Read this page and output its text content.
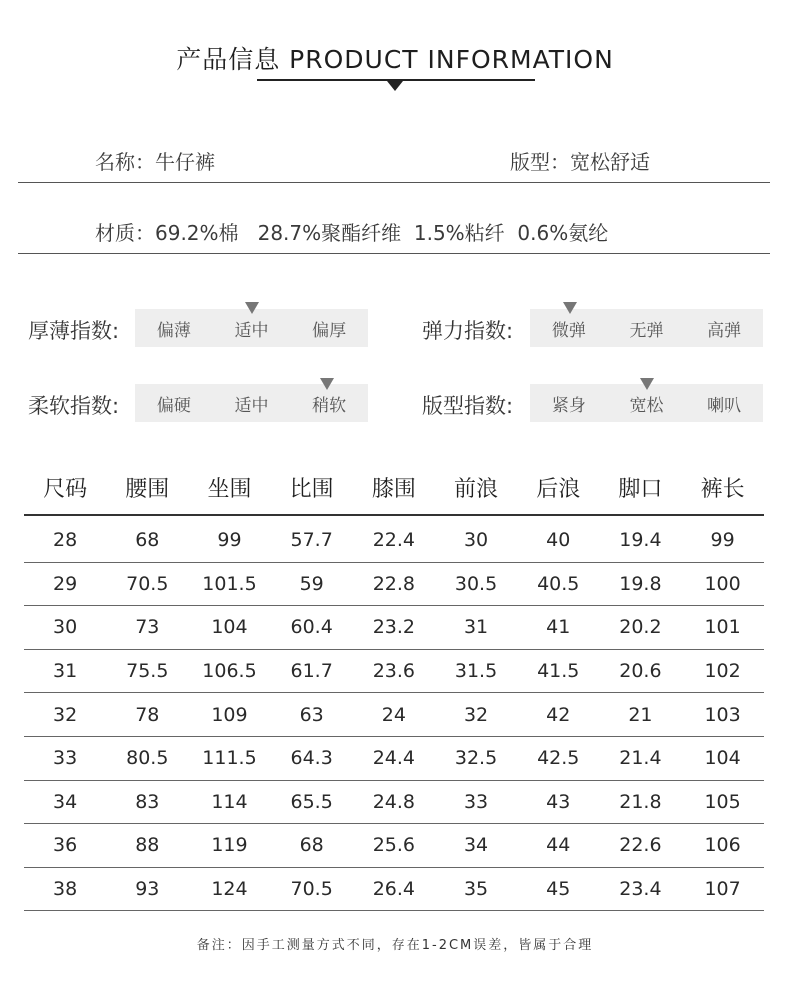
产品信息 PRODUCT INFORMATION
名称：牛仔裤	版型：宽松舒适
材质：69.2%棉   28.7%聚酯纤维  1.5%粘纤  0.6%氨纶
厚薄指数:	偏薄	适中	偏厚	弹力指数:	微弹	无弹	高弹
柔软指数:	偏硬	适中	稍软	版型指数:	紧身	宽松	喇叭
尺码	腰围	坐围	比围	膝围	前浪	后浪	脚口	裤长
28	68	99	57.7	22.4	30	40	19.4	99
29	70.5	101.5	59	22.8	30.5	40.5	19.8	100
30	73	104	60.4	23.2	31	41	20.2	101
31	75.5	106.5	61.7	23.6	31.5	41.5	20.6	102
32	78	109	63	24	32	42	21	103
33	80.5	111.5	64.3	24.4	32.5	42.5	21.4	104
34	83	114	65.5	24.8	33	43	21.8	105
36	88	119	68	25.6	34	44	22.6	106
38	93	124	70.5	26.4	35	45	23.4	107
备注：因手工测量方式不同，存在1-2CM误差，皆属于合理
